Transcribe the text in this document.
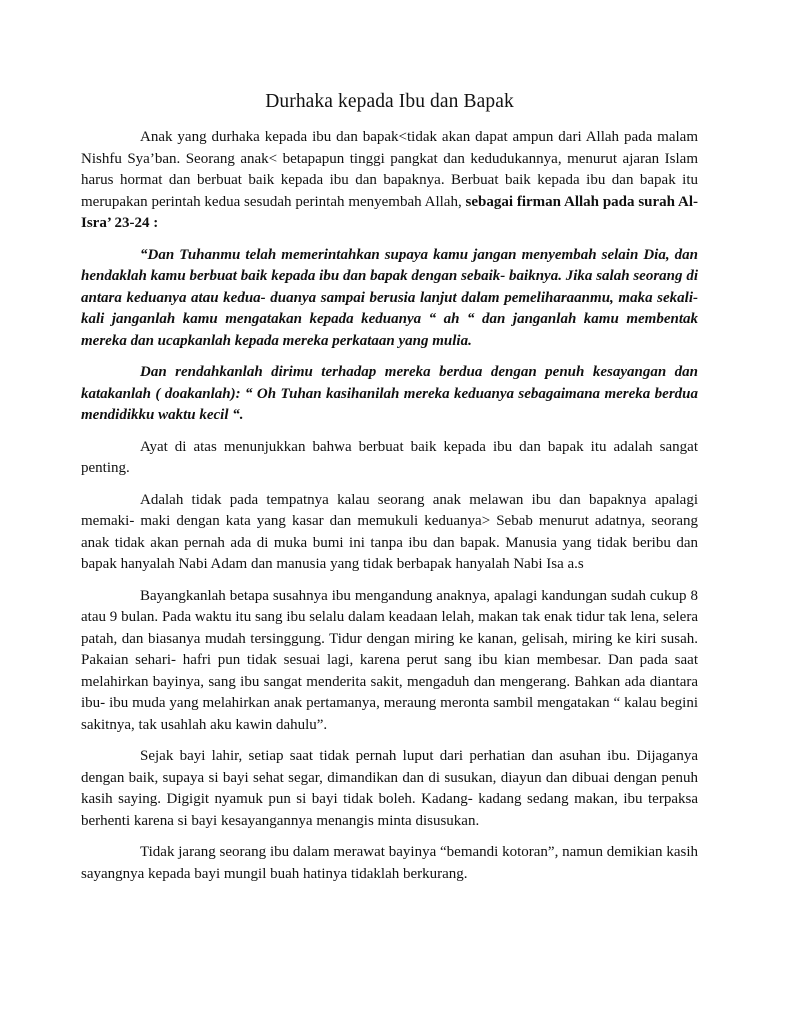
Durhaka kepada Ibu dan Bapak

Anak yang durhaka kepada ibu dan bapak<tidak akan dapat ampun dari Allah pada malam Nishfu Sya’ban. Seorang anak< betapapun tinggi pangkat dan kedudukannya, menurut ajaran Islam harus hormat dan berbuat baik kepada ibu dan bapaknya. Berbuat baik kepada ibu dan bapak itu merupakan perintah kedua sesudah perintah menyembah Allah, sebagai firman Allah pada surah Al-Isra’ 23-24 :

“Dan Tuhanmu telah memerintahkan supaya kamu jangan menyembah selain Dia, dan hendaklah kamu berbuat baik kepada ibu dan bapak dengan sebaik- baiknya. Jika salah seorang di antara keduanya atau kedua- duanya sampai berusia lanjut dalam pemeliharaanmu, maka sekali- kali janganlah kamu mengatakan kepada keduanya “ ah “ dan janganlah kamu membentak mereka dan ucapkanlah kepada mereka perkataan yang mulia.

Dan rendahkanlah dirimu terhadap mereka berdua dengan penuh kesayangan dan katakanlah ( doakanlah): “ Oh Tuhan kasihanilah mereka keduanya sebagaimana mereka berdua mendidikku waktu kecil “.

Ayat di atas menunjukkan bahwa berbuat baik kepada ibu dan bapak itu adalah sangat penting.

Adalah tidak pada tempatnya kalau seorang anak melawan ibu dan bapaknya apalagi memaki- maki dengan kata yang kasar dan memukuli keduanya> Sebab menurut adatnya, seorang anak tidak akan pernah ada di muka bumi ini tanpa ibu dan bapak. Manusia yang tidak beribu dan bapak hanyalah Nabi Adam dan manusia yang tidak berbapak hanyalah Nabi Isa a.s

Bayangkanlah betapa susahnya ibu mengandung anaknya, apalagi kandungan sudah cukup 8 atau 9 bulan. Pada waktu itu sang ibu selalu dalam keadaan lelah, makan tak enak tidur tak lena, selera patah, dan biasanya mudah tersinggung. Tidur dengan miring ke kanan, gelisah, miring ke kiri susah. Pakaian sehari- hafri pun tidak sesuai lagi, karena perut sang ibu kian membesar. Dan pada saat melahirkan bayinya, sang ibu sangat menderita sakit, mengaduh dan mengerang. Bahkan ada diantara ibu- ibu muda yang melahirkan anak pertamanya, meraung meronta sambil mengatakan “ kalau begini sakitnya, tak usahlah aku kawin dahulu”.

Sejak bayi lahir, setiap saat tidak pernah luput dari perhatian dan asuhan ibu. Dijaganya dengan baik, supaya si bayi sehat segar, dimandikan dan di susukan, diayun dan dibuai dengan penuh kasih saying. Digigit nyamuk pun si bayi tidak boleh. Kadang- kadang sedang makan, ibu terpaksa berhenti karena si bayi kesayangannya menangis minta disusukan.

Tidak jarang seorang ibu dalam merawat bayinya “bemandi kotoran”, namun demikian kasih sayangnya kepada bayi mungil buah hatinya tidaklah berkurang.
